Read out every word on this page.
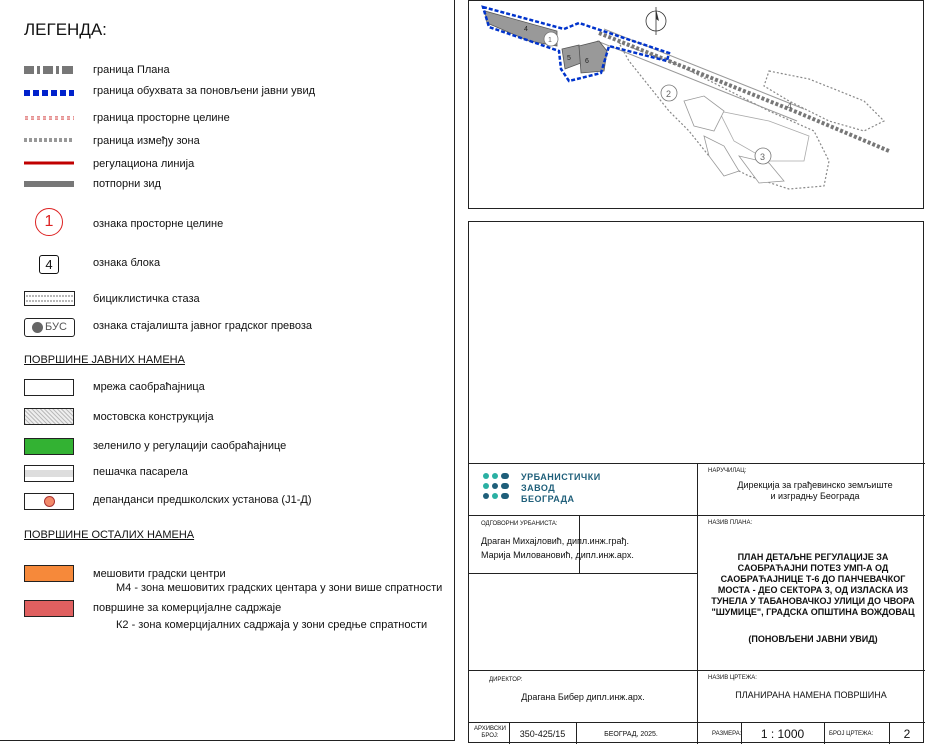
ЛЕГЕНДА:
граница Плана
граница обухвата за поновљени јавни увид
граница просторне целине
граница између зона
регулациона линија
потпорни зид
1	ознака просторне целине
4	ознака блока
бициклистичка стаза
БУС ознака стајалишта јавног градског превоза
ПОВРШИНЕ ЈАВНИХ НАМЕНА
мрежа саобраћајница
мостовска конструкција
зеленило у регулацији саобраћајнице
пешачка пасарела
депанданси предшколских установа (J1-Д)
ПОВРШИНЕ ОСТАЛИХ НАМЕНА
мешовити градски центри
М4 - зона мешовитих градских центара у зони више спратности
површине за комерцијалне садржаје
К2 - зона комерцијалних садржаја у зони средње спратности
4
5 6
4
1
2
3
УРБАНИСТИЧКИ
ЗАВОД
БЕОГРАДА
НАРУЧИЛАЦ:
Дирекција за грађевинско земљиште
и изградњу Београда
ОДГОВОРНИ УРБАНИСТА:
Драган Михајловић, дипл.инж.грађ.
Марија Миловановић, дипл.инж.арх.
НАЗИВ ПЛАНА:
ПЛАН ДЕТАЉНЕ РЕГУЛАЦИЈЕ ЗА
САОБРАЋАЈНИ ПОТЕЗ УМП-А ОД
САОБРАЋАЈНИЦЕ Т-6 ДО ПАНЧЕВАЧКОГ
МОСТА - ДЕО СЕКТОРА 3, ОД ИЗЛАСКА ИЗ
ТУНЕЛА У ТАБАНОВАЧКОЈ УЛИЦИ ДО ЧВОРА
"ШУМИЦЕ", ГРАДСКА ОПШТИНА ВОЖДОВАЦ
(ПОНОВЉЕНИ ЈАВНИ УВИД)
ДИРЕКТОР:
Драгана Бибер дипл.инж.арх.
НАЗИВ ЦРТЕЖА:
ПЛАНИРАНА НАМЕНА ПОВРШИНА
АРХИВСКИ БРОЈ:	350-425/15	БЕОГРАД, 2025.	РАЗМЕРА:	1 : 1000	БРОЈ ЦРТЕЖА:	2
